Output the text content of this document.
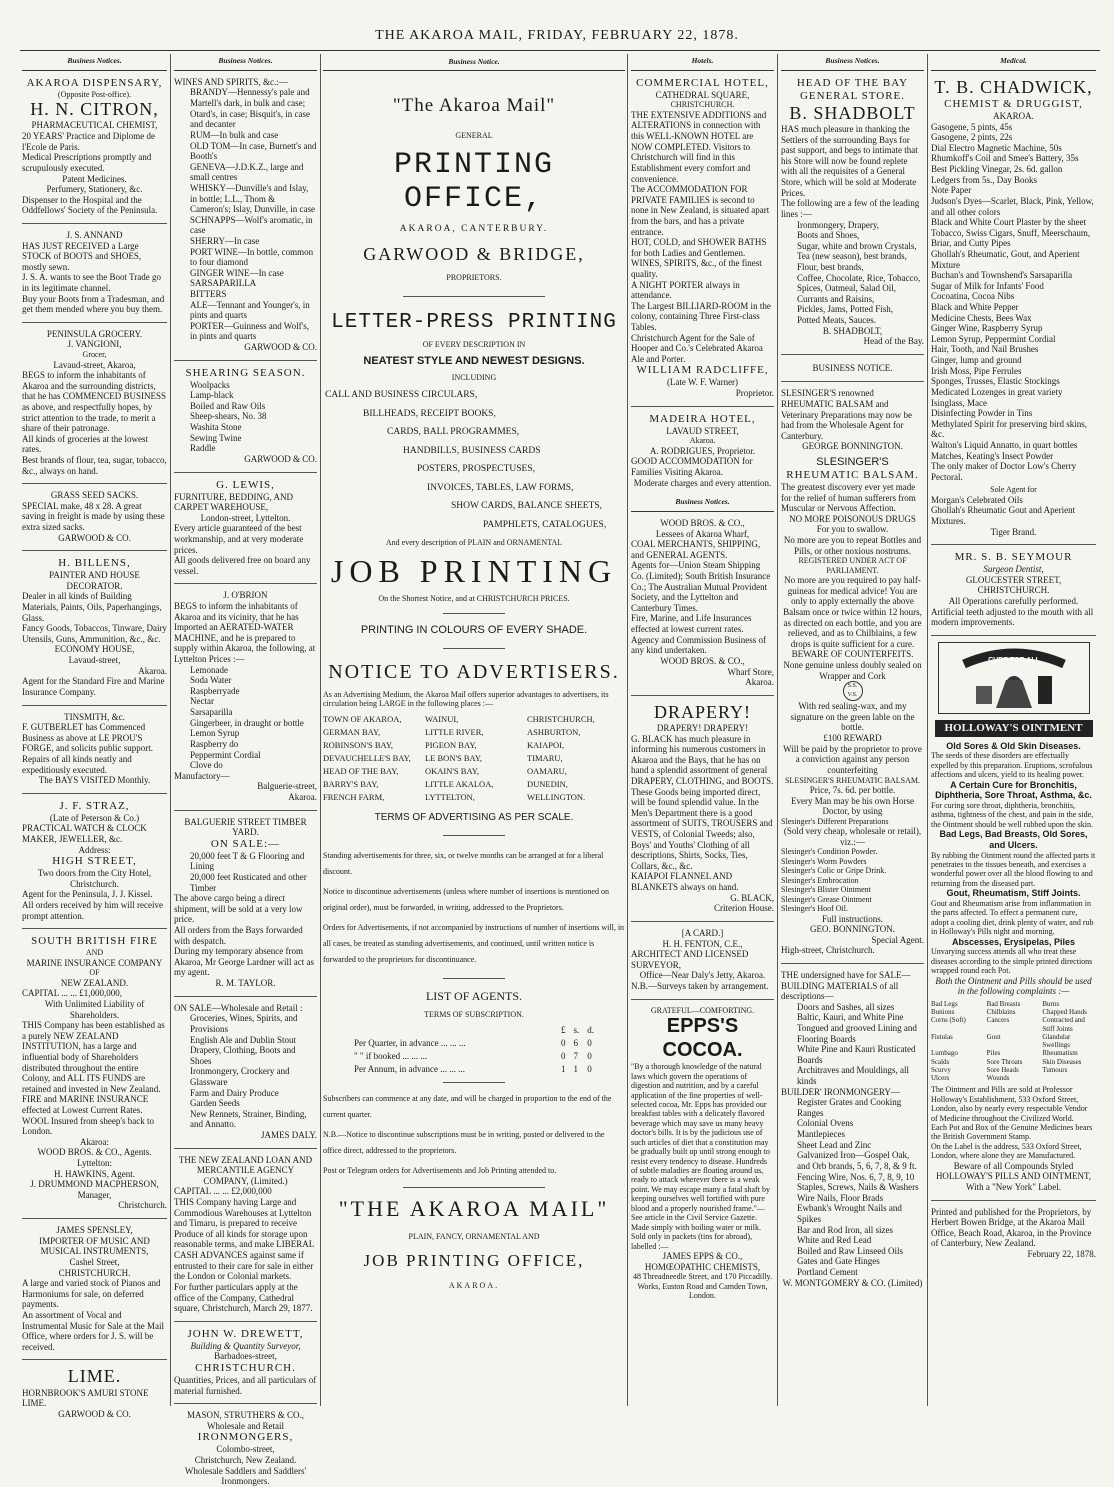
THE AKAROA MAIL, FRIDAY, FEBRUARY 22, 1878.
Business Notices.
AKAROA DISPENSARY,
(Opposite Post-office).
H. N. CITRON,
PHARMACEUTICAL CHEMIST,
20 YEARS' Practice and Diplome de l'Ecole de Paris.
Medical Prescriptions promptly and scrupulously executed.
Patent Medicines.
Perfumery, Stationery, &c.
Dispenser to the Hospital and the Oddfellows' Society of the Peninsula.
J. S. ANNAND
HAS JUST RECEIVED a Large STOCK of BOOTS and SHOES, mostly sewn.
J. S. A. wants to see the Boot Trade go in its legitimate channel.
Buy your Boots from a Tradesman, and get them mended where you buy them.
PENINSULA GROCERY.
J. VANGIONI,
Grocer,
Lavaud-street, Akaroa,
BEGS to inform the inhabitants of Akaroa and the surrounding districts, that he has COMMENCED BUSINESS as above, and respectfully hopes, by strict attention to the trade, to merit a share of their patronage.
All kinds of groceries at the lowest rates.
Best brands of flour, tea, sugar, tobacco, &c., always on hand.
GRASS SEED SACKS.
SPECIAL make, 48 x 28. A great saving in freight is made by using these extra sized sacks.
GARWOOD & CO.
H. BILLENS,
PAINTER AND HOUSE DECORATOR.
Dealer in all kinds of Building Materials, Paints, Oils, Paperhangings, Glass.
Fancy Goods, Tobaccos, Tinware, Dairy Utensils, Guns, Ammunition, &c., &c.
ECONOMY HOUSE,
Lavaud-street,
Akaroa.
Agent for the Standard Fire and Marine Insurance Company.
TINSMITH, &c.
F. GUTBERLET has Commenced Business as above at LE PROU'S FORGE, and solicits public support.
Repairs of all kinds neatly and expeditiously executed.
The BAYS VISITED Monthly.
J. F. STRAZ,
(Late of Peterson & Co.)
PRACTICAL WATCH & CLOCK MAKER, JEWELLER, &c.
Address:
HIGH STREET,
Two doors from the City Hotel,
Christchurch.
Agent for the Peninsula, J. J. Kissel.
All orders received by him will receive prompt attention.
SOUTH BRITISH FIRE
AND
MARINE INSURANCE COMPANY
OF
NEW ZEALAND.
CAPITAL ... ... £1,000,000,
With Unlimited Liability of Shareholders.
THIS Company has been established as a purely NEW ZEALAND INSTITUTION, has a large and influential body of Shareholders distributed throughout the entire Colony, and ALL ITS FUNDS are retained and invested in New Zealand.
FIRE and MARINE INSURANCE effected at Lowest Current Rates. WOOL Insured from sheep's back to London.
Akaroa:
WOOD BROS. & CO., Agents.
Lyttelton:
H. HAWKINS, Agent.
J. DRUMMOND MACPHERSON,
Manager,
Christchurch.
JAMES SPENSLEY,
IMPORTER OF MUSIC AND MUSICAL INSTRUMENTS,
Cashel Street,
CHRISTCHURCH.
A large and varied stock of Pianos and Harmoniums for sale, on deferred payments.
An assortment of Vocal and Instrumental Music for Sale at the Mail Office, where orders for J. S. will be received.
LIME.
HORNBROOK'S AMURI STONE LIME.
GARWOOD & CO.
Business Notices.
WINES AND SPIRITS, &c.:—
BRANDY—Hennessy's pale and Martell's dark, in bulk and case; Otard's, in case; Bisquit's, in case and decanter
RUM—In bulk and case
OLD TOM—In case, Burnett's and Booth's
GENEVA—J.D.K.Z., large and small centres
WHISKY—Dunville's and Islay, in bottle; L.L., Thom & Cameron's; Islay, Dunville, in case
SCHNAPPS—Wolf's aromatic, in case
SHERRY—In case
PORT WINE—In bottle, common to four diamond
GINGER WINE—In case
SARSAPARILLA
BITTERS
ALE—Tennant and Younger's, in pints and quarts
PORTER—Guinness and Wolf's, in pints and quarts
GARWOOD & CO.
SHEARING SEASON.
Woolpacks
Lamp-black
Boiled and Raw Oils
Sheep-shears, No. 38
Washita Stone
Sewing Twine
Raddle
GARWOOD & CO.
G. LEWIS,
FURNITURE, BEDDING, AND CARPET WAREHOUSE,
London-street, Lyttelton.
Every article guaranteed of the best workmanship, and at very moderate prices.
All goods delivered free on board any vessel.
J. O'BRION
BEGS to inform the inhabitants of Akaroa and its vicinity, that he has Imported an AERATED-WATER MACHINE, and he is prepared to supply within Akaroa, the following, at Lyttelton Prices :—
Lemonade
Soda Water
Raspberryade
Nectar
Sarsaparilla
Gingerbeer, in draught or bottle
Lemon Syrup
Raspberry do
Peppermint Cordial
Clove do
Manufactory—
Balguerie-street,
Akaroa.
BALGUERIE STREET TIMBER YARD.
ON SALE:—
20,000 feet T & G Flooring and Lining
20,000 feet Rusticated and other Timber
The above cargo being a direct shipment, will be sold at a very low price.
All orders from the Bays forwarded with despatch.
During my temporary absence from Akaroa, Mr George Lardner will act as my agent.
R. M. TAYLOR.
ON SALE—Wholesale and Retail :
Groceries, Wines, Spirits, and Provisions
English Ale and Dublin Stout
Drapery, Clothing, Boots and Shoes
Ironmongery, Crockery and Glassware
Farm and Dairy Produce
Garden Seeds
New Rennets, Strainer, Binding, and Annatto.
JAMES DALY.
THE NEW ZEALAND LOAN AND MERCANTILE AGENCY COMPANY, (Limited.)
CAPITAL ... ... £2,000,000
THIS Company having Large and Commodious Warehouses at Lyttelton and Timaru, is prepared to receive Produce of all kinds for storage upon reasonable terms, and make LIBERAL CASH ADVANCES against same if entrusted to their care for sale in either the London or Colonial markets.
For further particulars apply at the office of the Company, Cathedral square, Christchurch, March 29, 1877.
JOHN W. DREWETT,
Building & Quantity Surveyor,
Barbadoes-street,
CHRISTCHURCH.
Quantities, Prices, and all particulars of material furnished.
MASON, STRUTHERS & CO.,
Wholesale and Retail
IRONMONGERS,
Colombo-street,
Christchurch, New Zealand.
Wholesale Saddlers and Saddlers' Ironmongers.
Business Notice.
"The Akaroa Mail"
GENERAL
PRINTING OFFICE,
AKAROA, CANTERBURY.
GARWOOD & BRIDGE,
PROPRIETORS.
LETTER-PRESS PRINTING
OF EVERY DESCRIPTION IN
NEATEST STYLE AND NEWEST DESIGNS.
INCLUDING
CALL AND BUSINESS CIRCULARS,
BILLHEADS, RECEIPT BOOKS,
CARDS, BALL PROGRAMMES,
HANDBILLS, BUSINESS CARDS
POSTERS, PROSPECTUSES,
INVOICES, TABLES, LAW FORMS,
SHOW CARDS, BALANCE SHEETS,
PAMPHLETS, CATALOGUES,
And every description of PLAIN and ORNAMENTAL
JOB PRINTING
On the Shortest Notice, and at CHRISTCHURCH PRICES.
PRINTING IN COLOURS OF EVERY SHADE.
NOTICE TO ADVERTISERS.
As an Advertising Medium, the Akaroa Mail offers superior advantages to advertisers, its circulation being LARGE in the following places :—
TOWN OF AKAROA,	WAINUI,	CHRISTCHURCH,
GERMAN BAY,	LITTLE RIVER,	ASHBURTON,
ROBINSON'S BAY,	PIGEON BAY,	KAIAPOI,
DEVAUCHELLE'S BAY,	LE BON'S BAY,	TIMARU,
HEAD OF THE BAY,	OKAIN'S BAY,	OAMARU,
BARRY'S BAY,	LITTLE AKALOA,	DUNEDIN,
FRENCH FARM,	LYTTELTON,	WELLINGTON.
TERMS OF ADVERTISING AS PER SCALE.
Standing advertisements for three, six, or twelve months can be arranged at for a liberal discount.
Notice to discontinue advertisements (unless where number of insertions is mentioned on original order), must be forwarded, in writing, addressed to the Proprietors.
Orders for Advertisements, if not accompanied by instructions of number of insertions will, in all cases, be treated as standing advertisements, and continued, until written notice is forwarded to the proprietors for discontinuance.
LIST OF AGENTS.
TERMS OF SUBSCRIPTION.
£ s. d.
Per Quarter, in advance ... ... ...	0 6 0
" " if booked ... ... ...	0 7 0
Per Annum, in advance ... ... ...	1 1 0
Subscribers can commence at any date, and will be charged in proportion to the end of the current quarter.
N.B.—Notice to discontinue subscriptions must be in writing, posted or delivered to the office direct, addressed to the proprietors.
Post or Telegram orders for Advertisements and Job Printing attended to.
"THE AKAROA MAIL"
PLAIN, FANCY, ORNAMENTAL AND
JOB PRINTING OFFICE,
AKAROA.
Hotels.
COMMERCIAL HOTEL,
CATHEDRAL SQUARE,
CHRISTCHURCH.
THE EXTENSIVE ADDITIONS and ALTERATIONS in connection with this WELL-KNOWN HOTEL are NOW COMPLETED. Visitors to Christchurch will find in this Establishment every comfort and convenience.
The ACCOMMODATION FOR PRIVATE FAMILIES is second to none in New Zealand, is situated apart from the bars, and has a private entrance.
HOT, COLD, and SHOWER BATHS for both Ladies and Gentlemen.
WINES, SPIRITS, &c., of the finest quality.
A NIGHT PORTER always in attendance.
The Largest BILLIARD-ROOM in the colony, containing Three First-class Tables.
Christchurch Agent for the Sale of Hooper and Co.'s Celebrated Akaroa Ale and Porter.
WILLIAM RADCLIFFE,
(Late W. F. Warner)
Proprietor.
MADEIRA HOTEL,
LAVAUD STREET,
Akaroa.
A. RODRIGUES, Proprietor.
GOOD ACCOMMODATION for Families Visiting Akaroa.
Moderate charges and every attention.
Business Notices.
WOOD BROS. & CO.,
Lessees of Akaroa Wharf,
COAL MERCHANTS, SHIPPING, and GENERAL AGENTS.
Agents for—Union Steam Shipping Co. (Limited); South British Insurance Co.; The Australian Mutual Provident Society, and the Lyttelton and Canterbury Times.
Fire, Marine, and Life Insurances effected at lowest current rates.
Agency and Commission Business of any kind undertaken.
WOOD BROS. & CO.,
Wharf Store,
Akaroa.
DRAPERY!
DRAPERY! DRAPERY!
G. BLACK has much pleasure in informing his numerous customers in Akaroa and the Bays, that he has on hand a splendid assortment of general DRAPERY, CLOTHING, and BOOTS. These Goods being imported direct, will be found splendid value. In the Men's Department there is a good assortment of SUITS, TROUSERS and VESTS, of Colonial Tweeds; also, Boys' and Youths' Clothing of all descriptions, Shirts, Socks, Ties, Collars, &c., &c.
KAIAPOI FLANNEL AND BLANKETS always on hand.
G. BLACK,
Criterion House.
[A CARD.]
H. H. FENTON, C.E.,
ARCHITECT AND LICENSED SURVEYOR,
Office—Near Daly's Jetty, Akaroa.
N.B.—Surveys taken by arrangement.
GRATEFUL—COMFORTING.
EPPS'S COCOA.
"By a thorough knowledge of the natural laws which govern the operations of digestion and nutrition, and by a careful application of the fine properties of well-selected cocoa, Mr. Epps has provided our breakfast tables with a delicately flavored beverage which may save us many heavy doctor's bills. It is by the judicious use of such articles of diet that a constitution may be gradually built up until strong enough to resist every tendency to disease. Hundreds of subtle maladies are floating around us, ready to attack wherever there is a weak point. We may escape many a fatal shaft by keeping ourselves well fortified with pure blood and a properly nourished frame."—See article in the Civil Service Gazette.
Made simply with boiling water or milk. Sold only in packets (tins for abroad), labelled :—
JAMES EPPS & CO.,
HOMŒOPATHIC CHEMISTS,
48 Threadneedle Street, and 170 Piccadilly. Works, Euston Road and Camden Town, London.
Business Notices.
HEAD OF THE BAY GENERAL STORE.
B. SHADBOLT
HAS much pleasure in thanking the Settlers of the surrounding Bays for past support, and begs to intimate that his Store will now be found replete with all the requisites of a General Store, which will be sold at Moderate Prices.
The following are a few of the leading lines :—
Ironmongery, Drapery,
Boots and Shoes,
Sugar, white and brown Crystals,
Tea (new season), best brands,
Flour, best brands,
Coffee, Chocolate, Rice, Tobacco,
Spices, Oatmeal, Salad Oil,
Currants and Raisins,
Pickles, Jams, Potted Fish,
Potted Meats, Sauces.
B. SHADBOLT,
Head of the Bay.
BUSINESS NOTICE.
SLESINGER'S renowned RHEUMATIC BALSAM and Veterinary Preparations may now be had from the Wholesale Agent for Canterbury.
GEORGE BONNINGTON.
SLESINGER'S
RHEUMATIC BALSAM.
The greatest discovery ever yet made for the relief of human sufferers from Muscular or Nervous Affection.
NO MORE POISONOUS DRUGS
For you to swallow.
No more are you to repeat Bottles and Pills, or other noxious nostrums.
REGISTERED UNDER ACT OF PARLIAMENT.
No more are you required to pay half-guineas for medical advice! You are only to apply externally the above Balsam once or twice within 12 hours, as directed on each bottle, and you are relieved, and as to Chilblains, a few drops is quite sufficient for a cure.
BEWARE OF COUNTERFEITS.
None genuine unless doubly sealed on Wrapper and Cork
S.S. V.S.
With red sealing-wax, and my signature on the green lable on the bottle.
£100 REWARD
Will be paid by the proprietor to prove a conviction against any person counterfeiting
SLESINGER'S RHEUMATIC BALSAM.
Price, 7s. 6d. per bottle.
Every Man may be his own Horse Doctor, by using
Slesinger's Different Preparations
(Sold very cheap, wholesale or retail), viz.:—
Slesinger's Condition Powder.
Slesinger's Worm Powders
Slesinger's Colic or Gripe Drink.
Slesinger's Embrocation
Slesinger's Blister Ointment
Slesinger's Grease Ointment
Slesinger's Hoof Oil.
Full instructions.
GEO. BONNINGTON.
Special Agent.
High-street, Christchurch.
THE undersigned have for SALE—
BUILDING MATERIALS of all descriptions—
Doors and Sashes, all sizes
Baltic, Kauri, and White Pine
Tongued and grooved Lining and Flooring Boards
White Pine and Kauri Rusticated Boards
Architraves and Mouldings, all kinds
BUILDER' IRONMONGERY—
Register Grates and Cooking Ranges
Colonial Ovens
Mantlepieces
Sheet Lead and Zinc
Galvanized Iron—Gospel Oak, and Orb brands, 5, 6, 7, 8, & 9 ft.
Fencing Wire, Nos. 6, 7, 8, 9, 10
Staples, Screws, Nails & Washers
Wire Nails, Floor Brads
Ewbank's Wrought Nails and Spikes
Bar and Rod Iron, all sizes
White and Red Lead
Boiled and Raw Linseed Oils
Gates and Gate Hinges
Portland Cement
W. MONTGOMERY & CO. (Limited)
Medical.
T. B. CHADWICK,
CHEMIST & DRUGGIST,
AKAROA.
Gasogene, 5 pints, 45s
Gasogene, 2 pints, 22s
Dial Electro Magnetic Machine, 50s
Rhumkoff's Coil and Smee's Battery, 35s
Best Pickling Vinegar, 2s. 6d. gallon
Ledgers from 5s., Day Books
Note Paper
Judson's Dyes—Scarlet, Black, Pink, Yellow, and all other colors
Black and White Court Plaster by the sheet
Tobacco, Swiss Cigars, Snuff, Meerschaum, Briar, and Cutty Pipes
Ghollah's Rheumatic, Gout, and Aperient Mixture
Buchan's and Townshend's Sarsaparilla
Sugar of Milk for Infants' Food
Cocoatina, Cocoa Nibs
Black and White Pepper
Medicine Chests, Bees Wax
Ginger Wine, Raspberry Syrup
Lemon Syrup, Peppermint Cordial
Hair, Tooth, and Nail Brushes
Ginger, lump and ground
Irish Moss, Pipe Ferrules
Sponges, Trusses, Elastic Stockings
Medicated Lozenges in great variety
Isinglass, Mace
Disinfecting Powder in Tins
Methylated Spirit for preserving bird skins, &c.
Walton's Liquid Annatto, in quart bottles
Matches, Keating's Insect Powder
The only maker of Doctor Low's Cherry Pectoral.
Sole Agent for
Morgan's Celebrated Oils
Ghollah's Rheumatic Gout and Aperient Mixtures.
Tiger Brand.
MR. S. B. SEYMOUR
Surgeon Dentist,
GLOUCESTER STREET,
CHRISTCHURCH.
All Operations carefully performed.
Artificial teeth adjusted to the mouth with all modern improvements.
CURE FOR ALL
HOLLOWAY'S OINTMENT
Old Sores & Old Skin Diseases.
The seeds of these disorders are effectually expelled by this preparation. Eruptions, scrofulous affections and ulcers, yield to its healing power.
A Certain Cure for Bronchitis, Diphtheria, Sore Throat, Asthma, &c.
For curing sore throat, diphtheria, bronchitis, asthma, tightness of the chest, and pain in the side, the Ointment should be well rubbed upon the skin.
Bad Legs, Bad Breasts, Old Sores, and Ulcers.
By rubbing the Ointment round the affected parts it penetrates to the tissues beneath, and exercises a wonderful power over all the blood flowing to and returning from the diseased part.
Gout, Rheumatism, Stiff Joints.
Gout and Rheumatism arise from inflammation in the parts affected. To effect a permanent cure, adopt a cooling diet, drink plenty of water, and rub in Holloway's Pills night and morning.
Abscesses, Erysipelas, Piles
Unvarying success attends all who treat these diseases according to the simple printed directions wrapped round each Pot.
Both the Ointment and Pills should be used in the following complaints :—
Bad Legs	Bad Breasts	Burns
Bunions	Chilblains	Chapped Hands
Corns (Soft)	Cancers	Contracted and Stiff Joints
Fistulas	Gout	Glandular Swellings
Lumbago	Piles	Rheumatism
Scalds	Sore Throats	Skin Diseases
Scurvy	Sore Heads	Tumours
Ulcers	Wounds
The Ointment and Pills are sold at Professor Holloway's Establishment, 533 Oxford Street, London, also by nearly every respectable Vendor of Medicine throughout the Civilized World.
Each Pot and Box of the Genuine Medicines bears the British Government Stamp.
On the Label is the address, 533 Oxford Street, London, where alone they are Manufactured.
Beware of all Compounds Styled HOLLOWAY'S PILLS AND OINTMENT, With a "New York" Label.
Printed and published for the Proprietors, by Herbert Bowen Bridge, at the Akaroa Mail Office, Beach Road, Akaroa, in the Province of Canterbury, New Zealand.
February 22, 1878.
